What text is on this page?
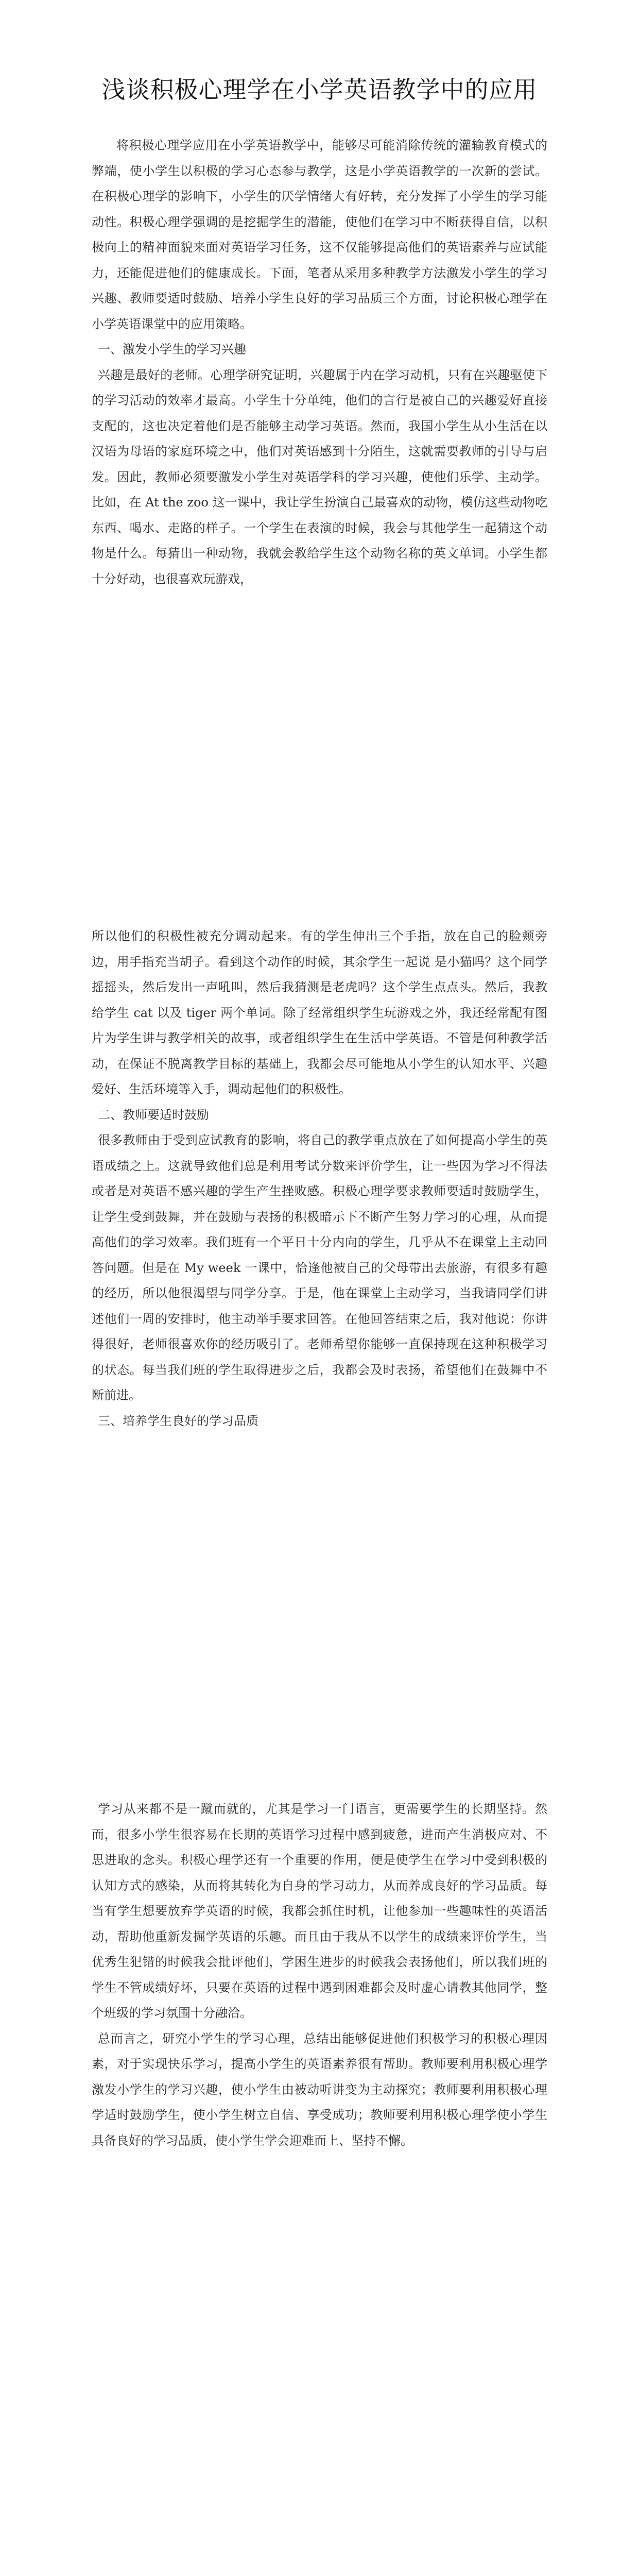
浅谈积极心理学在小学英语教学中的应用

将积极心理学应用在小学英语教学中，能够尽可能消除传统的灌输教育模式的弊端，使小学生以积极的学习心态参与教学，这是小学英语教学的一次新的尝试。在积极心理学的影响下，小学生的厌学情绪大有好转，充分发挥了小学生的学习能动性。积极心理学强调的是挖掘学生的潜能，使他们在学习中不断获得自信，以积极向上的精神面貌来面对英语学习任务，这不仅能够提高他们的英语素养与应试能力，还能促进他们的健康成长。下面，笔者从采用多种教学方法激发小学生的学习兴趣、教师要适时鼓励、培养小学生良好的学习品质三个方面，讨论积极心理学在小学英语课堂中的应用策略。

一、激发小学生的学习兴趣

兴趣是最好的老师。心理学研究证明，兴趣属于内在学习动机，只有在兴趣驱使下的学习活动的效率才最高。小学生十分单纯，他们的言行是被自己的兴趣爱好直接支配的，这也决定着他们是否能够主动学习英语。然而，我国小学生从小生活在以汉语为母语的家庭环境之中，他们对英语感到十分陌生，这就需要教师的引导与启发。因此，教师必须要激发小学生对英语学科的学习兴趣，使他们乐学、主动学。比如，在 At the zoo 这一课中，我让学生扮演自己最喜欢的动物，模仿这些动物吃东西、喝水、走路的样子。一个学生在表演的时候，我会与其他学生一起猜这个动物是什么。每猜出一种动物，我就会教给学生这个动物名称的英文单词。小学生都十分好动，也很喜欢玩游戏，

所以他们的积极性被充分调动起来。有的学生伸出三个手指，放在自己的脸颊旁边，用手指充当胡子。看到这个动作的时候，其余学生一起说 是小猫吗？这个同学摇摇头，然后发出一声吼叫，然后我猜测是老虎吗？这个学生点点头。然后，我教给学生 cat 以及 tiger 两个单词。除了经常组织学生玩游戏之外，我还经常配有图片为学生讲与教学相关的故事，或者组织学生在生活中学英语。不管是何种教学活动，在保证不脱离教学目标的基础上，我都会尽可能地从小学生的认知水平、兴趣爱好、生活环境等入手，调动起他们的积极性。

二、教师要适时鼓励

很多教师由于受到应试教育的影响，将自己的教学重点放在了如何提高小学生的英语成绩之上。这就导致他们总是利用考试分数来评价学生，让一些因为学习不得法或者是对英语不感兴趣的学生产生挫败感。积极心理学要求教师要适时鼓励学生，让学生受到鼓舞，并在鼓励与表扬的积极暗示下不断产生努力学习的心理，从而提高他们的学习效率。我们班有一个平日十分内向的学生，几乎从不在课堂上主动回答问题。但是在 My week 一课中，恰逢他被自己的父母带出去旅游，有很多有趣的经历，所以他很渴望与同学分享。于是，他在课堂上主动学习，当我请同学们讲述他们一周的安排时，他主动举手要求回答。在他回答结束之后，我对他说：你讲得很好，老师很喜欢你的经历吸引了。老师希望你能够一直保持现在这种积极学习的状态。每当我们班的学生取得进步之后，我都会及时表扬，希望他们在鼓舞中不断前进。

三、培养学生良好的学习品质

学习从来都不是一蹴而就的，尤其是学习一门语言，更需要学生的长期坚持。然而，很多小学生很容易在长期的英语学习过程中感到疲惫，进而产生消极应对、不思进取的念头。积极心理学还有一个重要的作用，便是使学生在学习中受到积极的认知方式的感染，从而将其转化为自身的学习动力，从而养成良好的学习品质。每当有学生想要放弃学英语的时候，我都会抓住时机，让他参加一些趣味性的英语活动，帮助他重新发掘学英语的乐趣。而且由于我从不以学生的成绩来评价学生，当优秀生犯错的时候我会批评他们，学困生进步的时候我会表扬他们，所以我们班的学生不管成绩好坏，只要在英语的过程中遇到困难都会及时虚心请教其他同学，整个班级的学习氛围十分融洽。

总而言之，研究小学生的学习心理，总结出能够促进他们积极学习的积极心理因素，对于实现快乐学习，提高小学生的英语素养很有帮助。教师要利用积极心理学激发小学生的学习兴趣，使小学生由被动听讲变为主动探究；教师要利用积极心理学适时鼓励学生，使小学生树立自信、享受成功；教师要利用积极心理学使小学生具备良好的学习品质，使小学生学会迎难而上、坚持不懈。
